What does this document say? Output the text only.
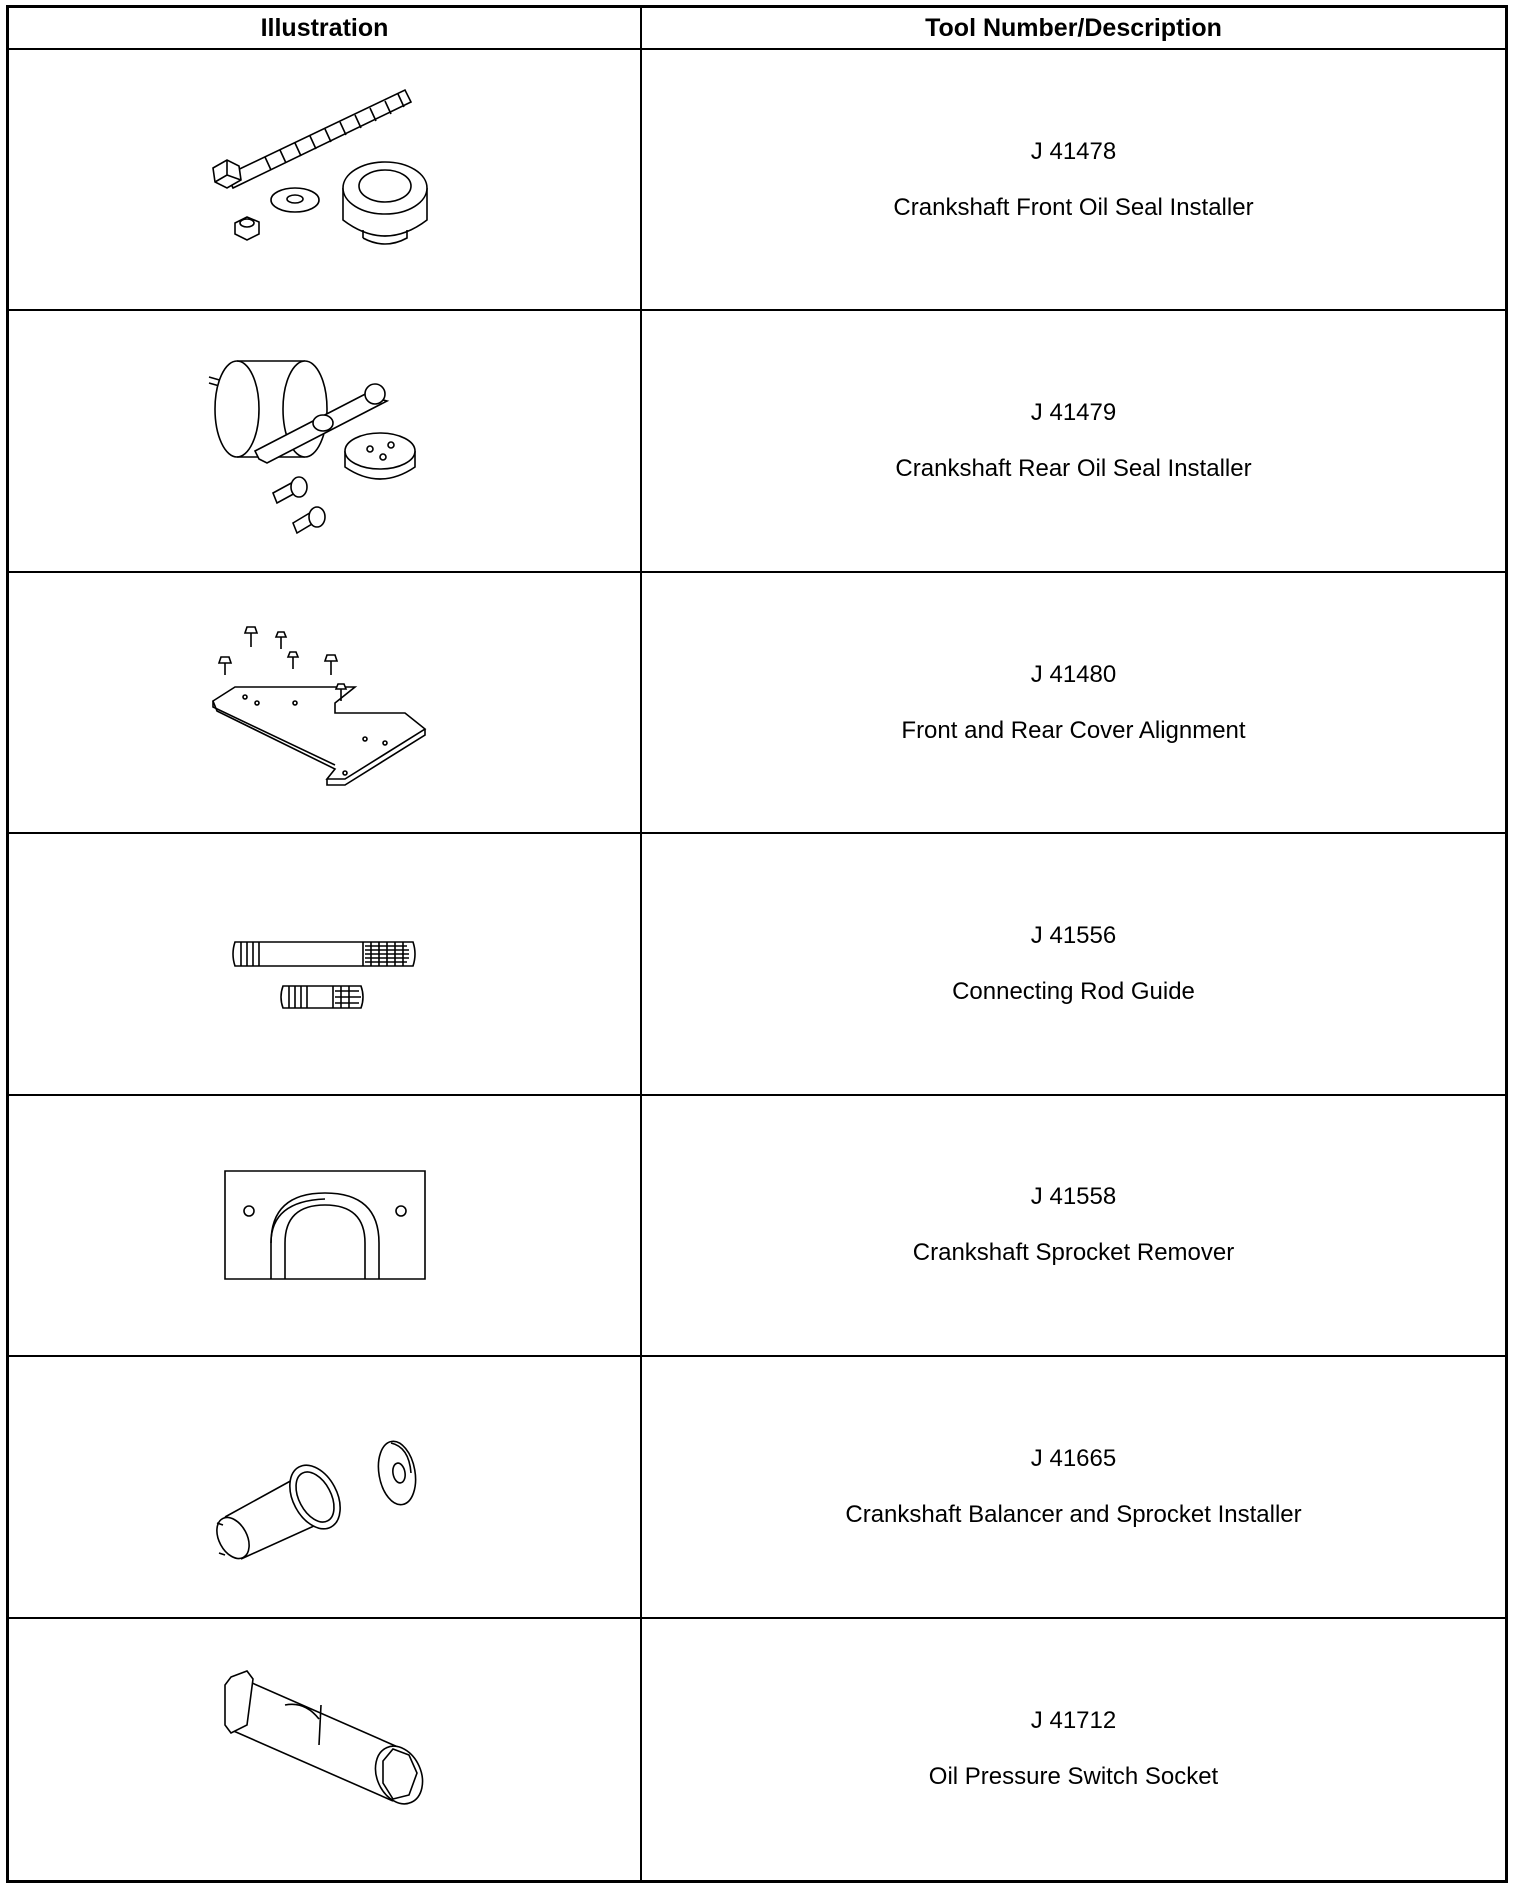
Illustration	Tool Number/Description
J 41478
Crankshaft Front Oil Seal Installer
J 41479
Crankshaft Rear Oil Seal Installer
J 41480
Front and Rear Cover Alignment
J 41556
Connecting Rod Guide
J 41558
Crankshaft Sprocket Remover
J 41665
Crankshaft Balancer and Sprocket Installer
J 41712
Oil Pressure Switch Socket
